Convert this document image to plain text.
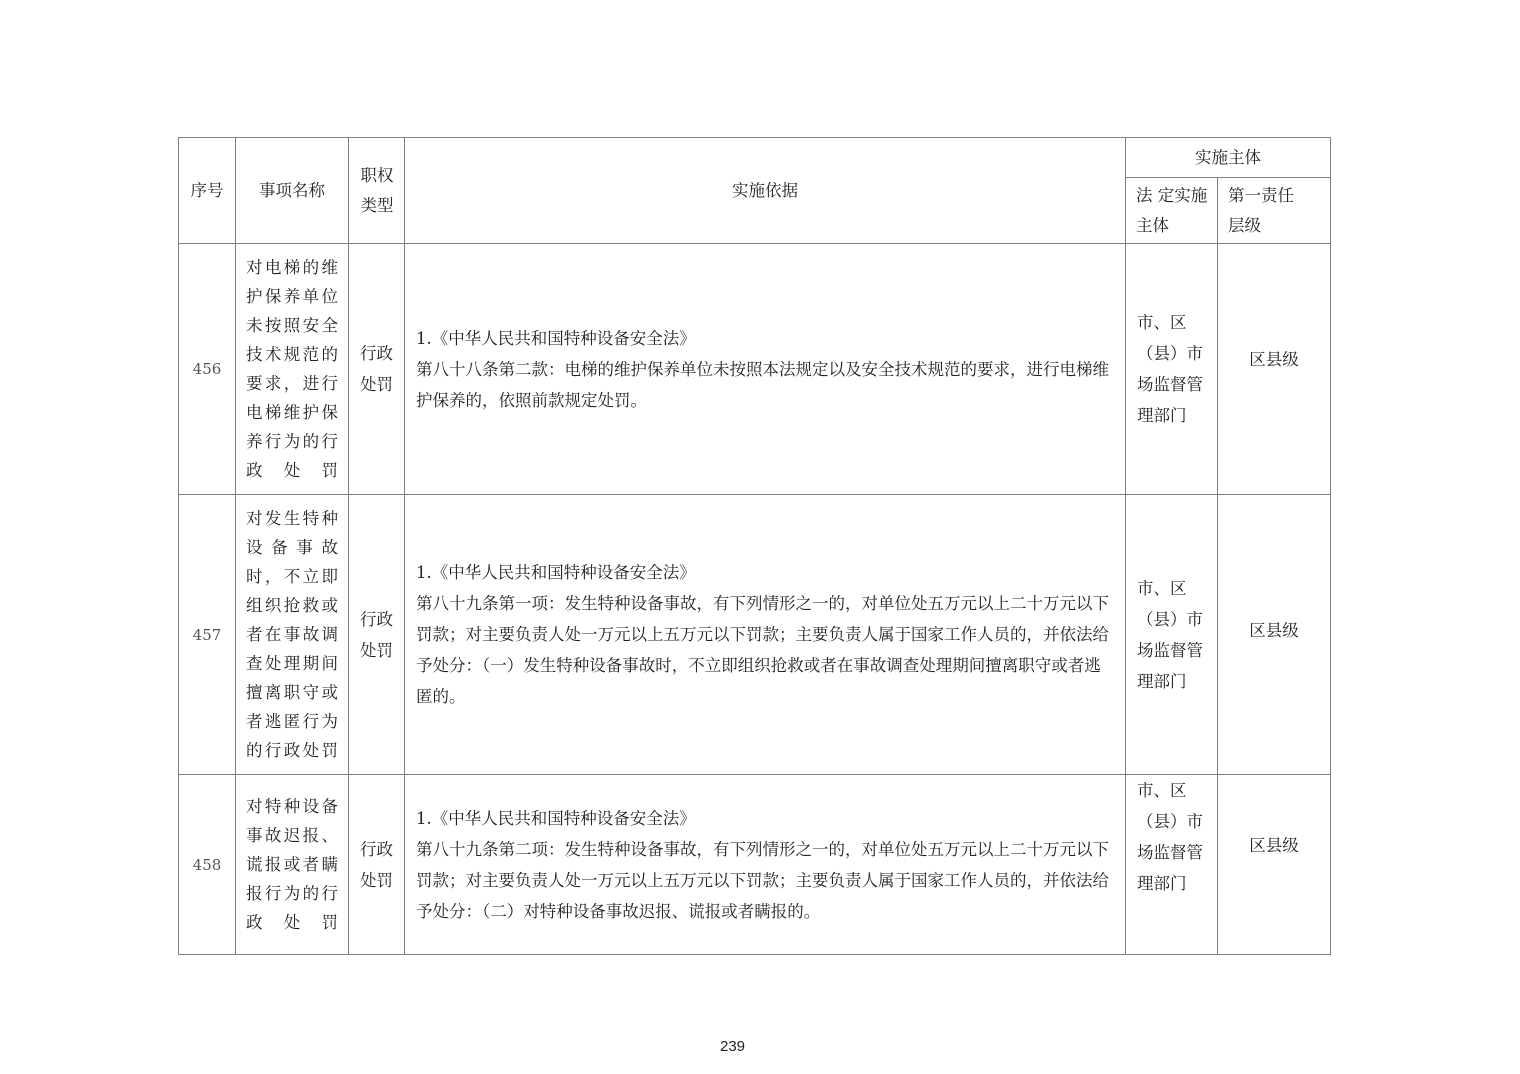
序号	事项名称	职权类型	实施依据	实施主体	

				法 定实施主体	第一责任层级

456	对电梯的维护保养单位未按照安全技术规范的要求，进行电梯维护保养行为的行政处罚	行政处罚	1.《中华人民共和国特种设备安全法》
第八十八条第二款：电梯的维护保养单位未按照本法规定以及安全技术规范的要求，进行电梯维护保养的，依照前款规定处罚。	市、区（县）市场监督管理部门	区县级
457	对发生特种设备事故时，不立即组织抢救或者在事故调查处理期间擅离职守或者逃匿行为的行政处罚	行政处罚	1.《中华人民共和国特种设备安全法》
第八十九条第一项：发生特种设备事故，有下列情形之一的，对单位处五万元以上二十万元以下罚款；对主要负责人处一万元以上五万元以下罚款；主要负责人属于国家工作人员的，并依法给予处分：（一）发生特种设备事故时，不立即组织抢救或者在事故调查处理期间擅离职守或者逃匿的。	市、区（县）市场监督管理部门	区县级
458	对特种设备事故迟报、谎报或者瞒报行为的行政处罚	行政处罚	1.《中华人民共和国特种设备安全法》
第八十九条第二项：发生特种设备事故，有下列情形之一的，对单位处五万元以上二十万元以下罚款；对主要负责人处一万元以上五万元以下罚款；主要负责人属于国家工作人员的，并依法给予处分：（二）对特种设备事故迟报、谎报或者瞒报的。	市、区（县）市场监督管理部门	区县级
239
